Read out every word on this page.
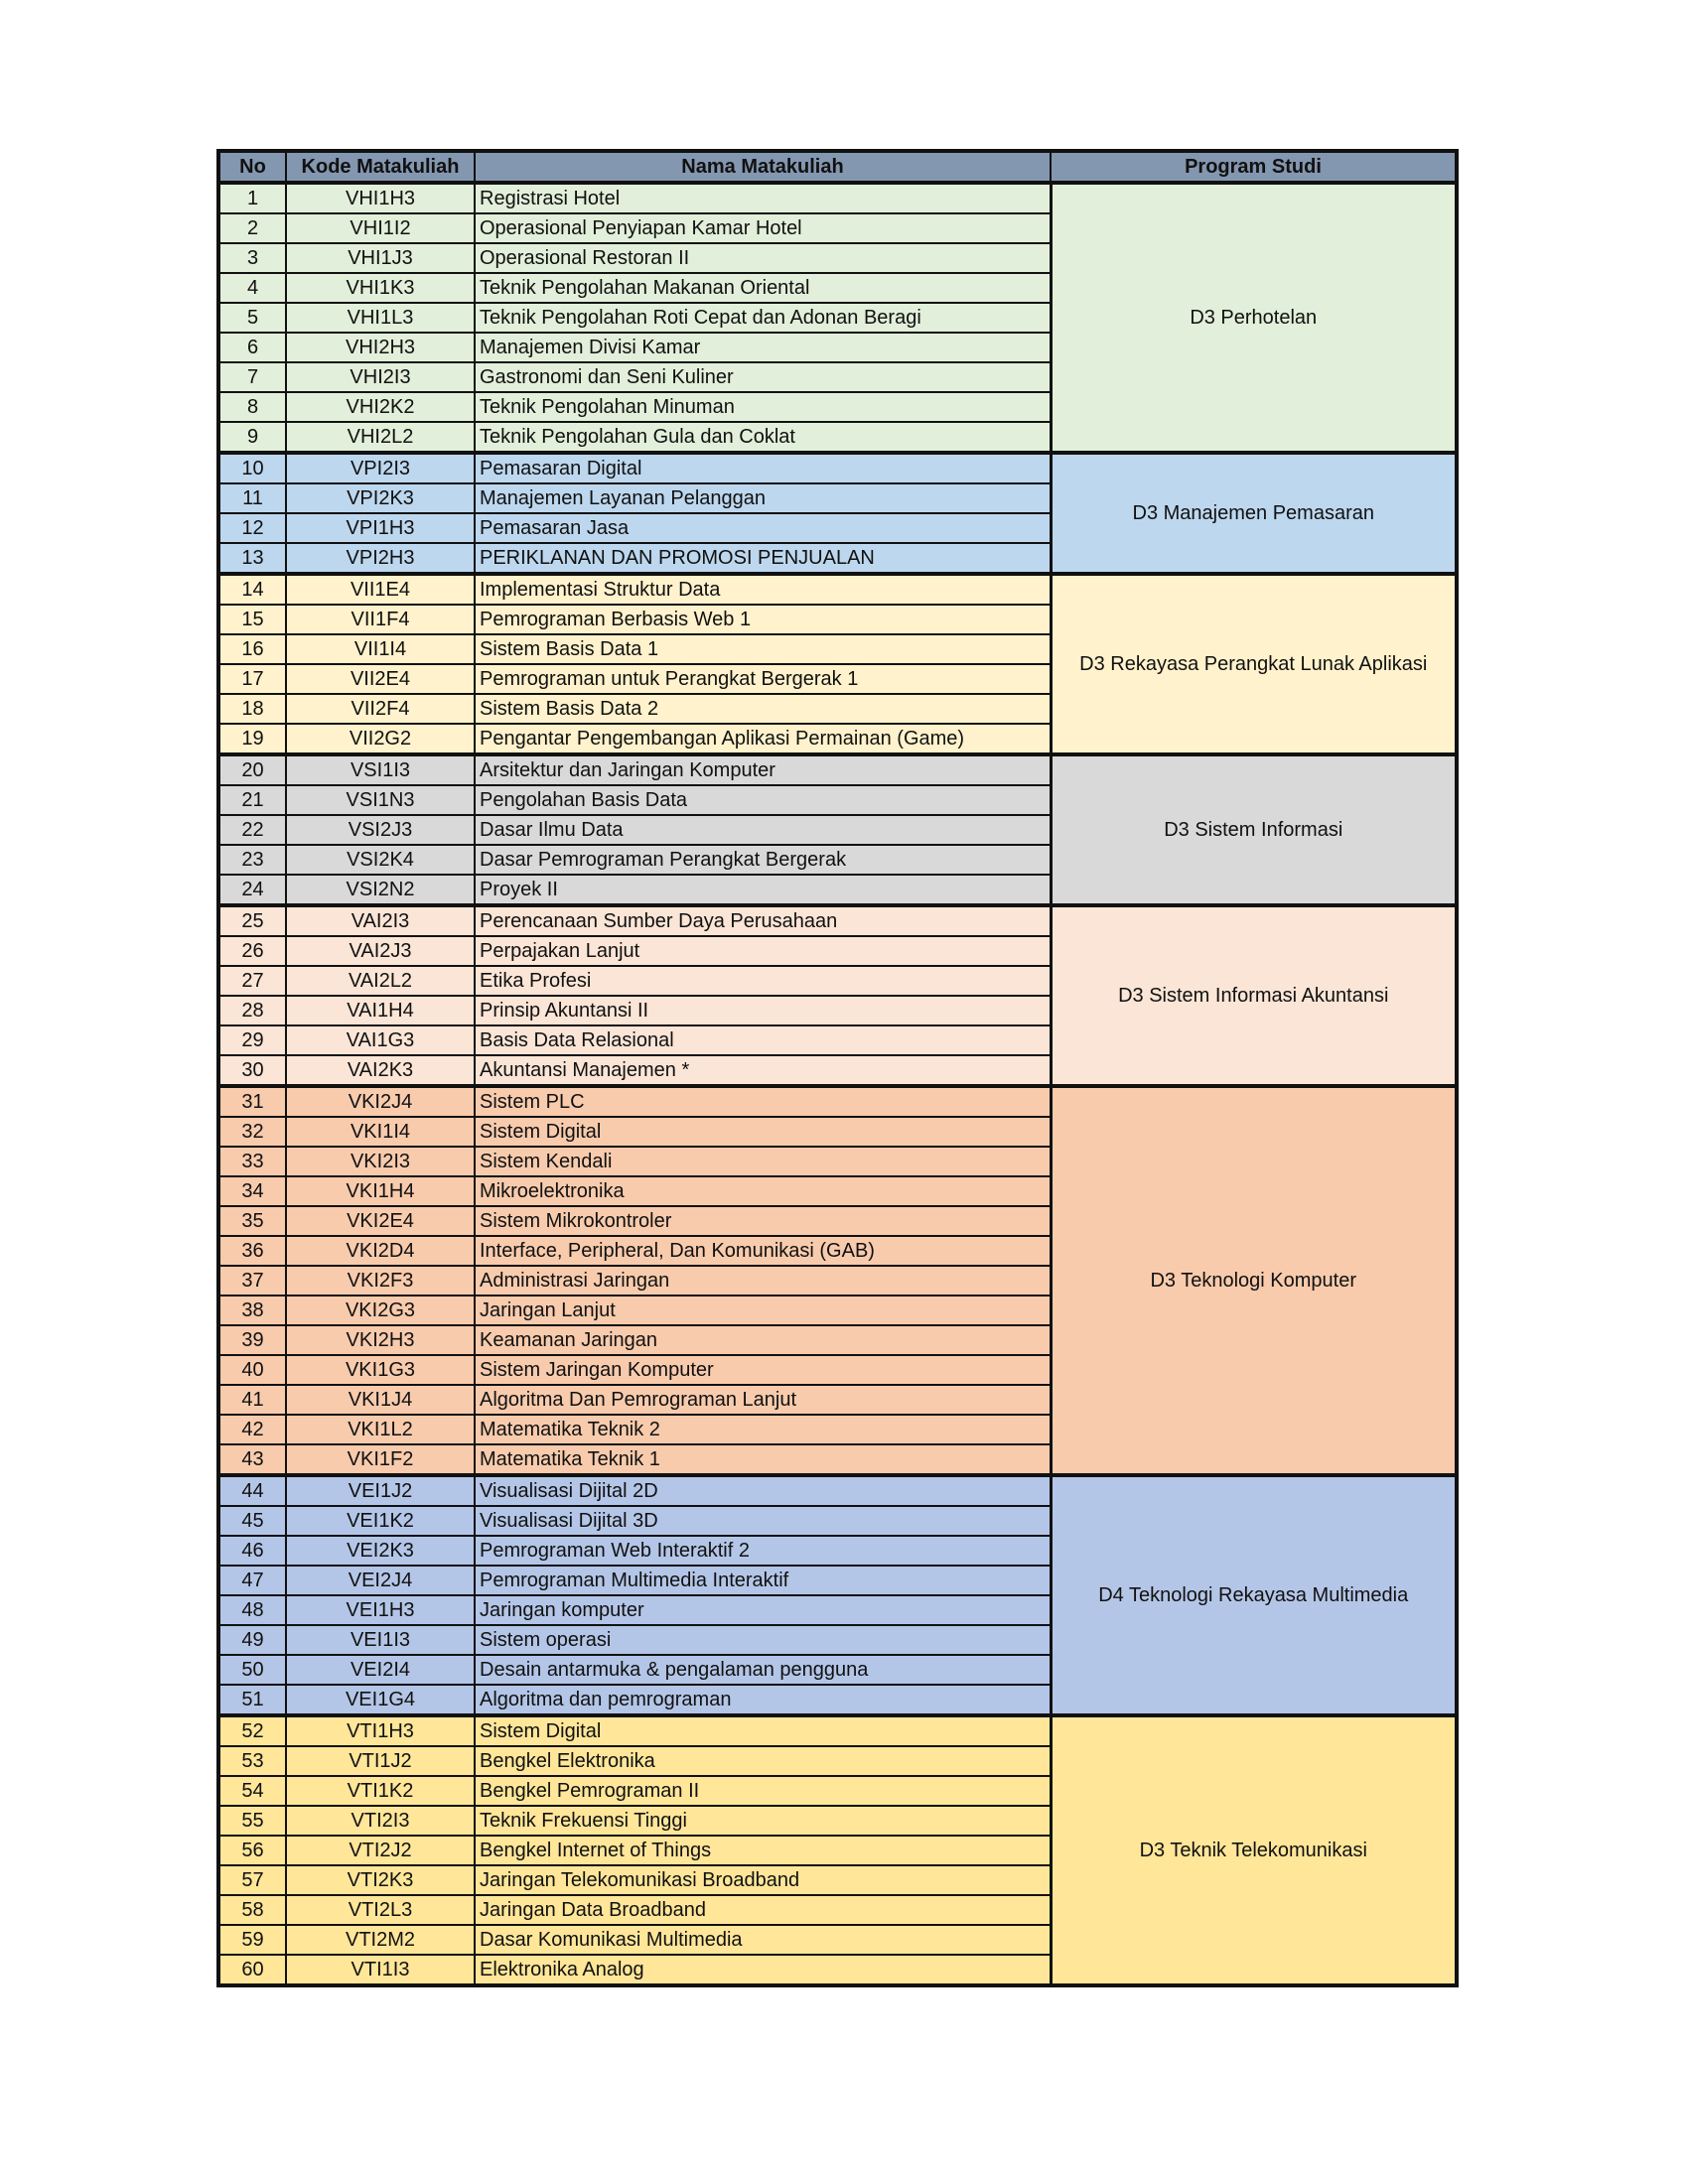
No	Kode Matakuliah	Nama Matakuliah	Program Studi
1	VHI1H3	Registrasi Hotel	D3 Perhotelan
2	VHI1I2	Operasional Penyiapan Kamar Hotel	
3	VHI1J3	Operasional Restoran II	
4	VHI1K3	Teknik Pengolahan Makanan Oriental	
5	VHI1L3	Teknik Pengolahan Roti Cepat dan Adonan Beragi	
6	VHI2H3	Manajemen Divisi Kamar	
7	VHI2I3	Gastronomi dan Seni Kuliner	
8	VHI2K2	Teknik Pengolahan Minuman	
9	VHI2L2	Teknik Pengolahan Gula dan Coklat	
10	VPI2I3	Pemasaran Digital	D3 Manajemen Pemasaran
11	VPI2K3	Manajemen Layanan Pelanggan	
12	VPI1H3	Pemasaran Jasa	
13	VPI2H3	PERIKLANAN DAN PROMOSI PENJUALAN	
14	VII1E4	Implementasi Struktur Data	D3 Rekayasa Perangkat Lunak Aplikasi
15	VII1F4	Pemrograman Berbasis Web 1	
16	VII1I4	Sistem Basis Data 1	
17	VII2E4	Pemrograman untuk Perangkat Bergerak 1	
18	VII2F4	Sistem Basis Data 2	
19	VII2G2	Pengantar Pengembangan Aplikasi Permainan (Game)	
20	VSI1I3	Arsitektur dan Jaringan Komputer	D3 Sistem Informasi
21	VSI1N3	Pengolahan Basis Data	
22	VSI2J3	Dasar Ilmu Data	
23	VSI2K4	Dasar Pemrograman Perangkat Bergerak	
24	VSI2N2	Proyek II	
25	VAI2I3	Perencanaan Sumber Daya Perusahaan	D3 Sistem Informasi Akuntansi
26	VAI2J3	Perpajakan Lanjut	
27	VAI2L2	Etika Profesi	
28	VAI1H4	Prinsip Akuntansi II	
29	VAI1G3	Basis Data Relasional	
30	VAI2K3	Akuntansi Manajemen *	
31	VKI2J4	Sistem PLC	D3 Teknologi Komputer
32	VKI1I4	Sistem Digital	
33	VKI2I3	Sistem Kendali	
34	VKI1H4	Mikroelektronika	
35	VKI2E4	Sistem Mikrokontroler	
36	VKI2D4	Interface, Peripheral, Dan Komunikasi (GAB)	
37	VKI2F3	Administrasi Jaringan	
38	VKI2G3	Jaringan Lanjut	
39	VKI2H3	Keamanan Jaringan	
40	VKI1G3	Sistem Jaringan Komputer	
41	VKI1J4	Algoritma Dan Pemrograman Lanjut	
42	VKI1L2	Matematika Teknik 2	
43	VKI1F2	Matematika Teknik 1	
44	VEI1J2	Visualisasi Dijital 2D	D4 Teknologi Rekayasa Multimedia
45	VEI1K2	Visualisasi Dijital 3D	
46	VEI2K3	Pemrograman Web Interaktif 2	
47	VEI2J4	Pemrograman Multimedia Interaktif	
48	VEI1H3	Jaringan komputer	
49	VEI1I3	Sistem operasi	
50	VEI2I4	Desain antarmuka & pengalaman pengguna	
51	VEI1G4	Algoritma dan pemrograman	
52	VTI1H3	Sistem Digital	D3 Teknik Telekomunikasi
53	VTI1J2	Bengkel Elektronika	
54	VTI1K2	Bengkel Pemrograman II	
55	VTI2I3	Teknik Frekuensi Tinggi	
56	VTI2J2	Bengkel Internet of Things	
57	VTI2K3	Jaringan Telekomunikasi Broadband	
58	VTI2L3	Jaringan Data Broadband	
59	VTI2M2	Dasar Komunikasi Multimedia	
60	VTI1I3	Elektronika Analog	
